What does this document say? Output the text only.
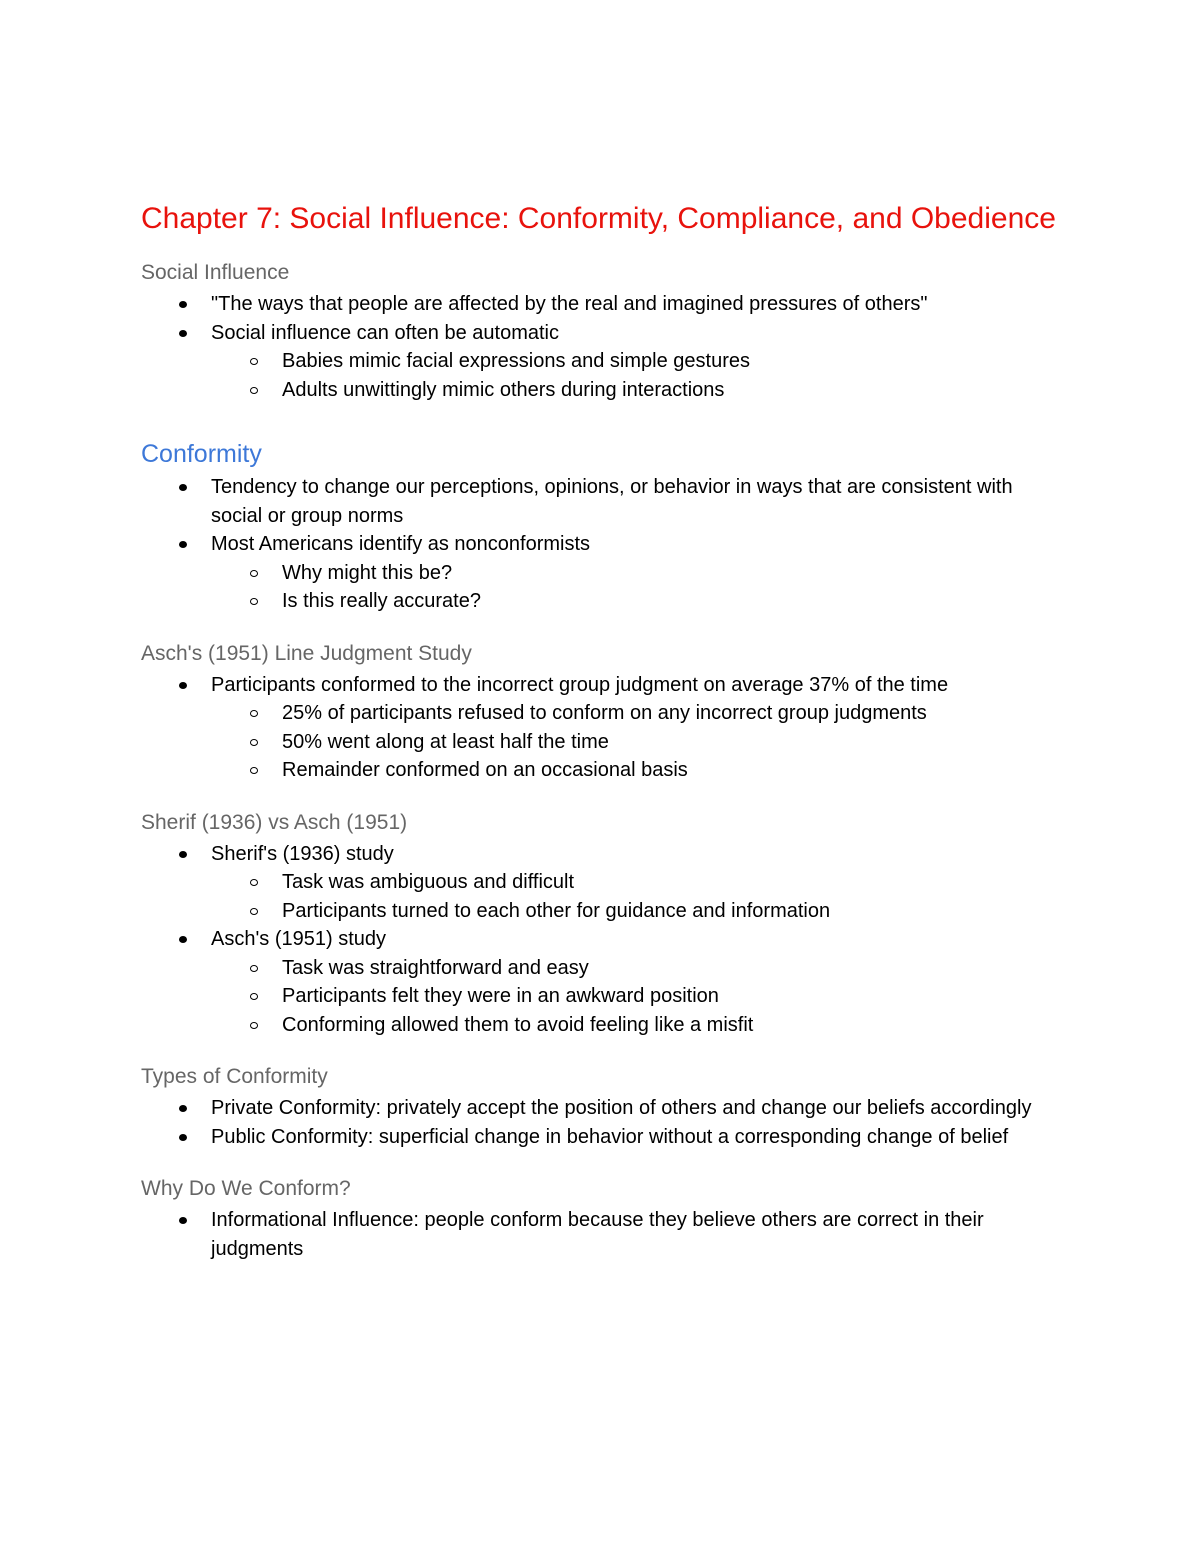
Chapter 7: Social Influence: Conformity, Compliance, and Obedience
Social Influence
"The ways that people are affected by the real and imagined pressures of others"
Social influence can often be automatic
Babies mimic facial expressions and simple gestures
Adults unwittingly mimic others during interactions
Conformity
Tendency to change our perceptions, opinions, or behavior in ways that are consistent with social or group norms
Most Americans identify as nonconformists
Why might this be?
Is this really accurate?
Asch's (1951) Line Judgment Study
Participants conformed to the incorrect group judgment on average 37% of the time
25% of participants refused to conform on any incorrect group judgments
50% went along at least half the time
Remainder conformed on an occasional basis
Sherif (1936) vs Asch (1951)
Sherif's (1936) study
Task was ambiguous and difficult
Participants turned to each other for guidance and information
Asch's (1951) study
Task was straightforward and easy
Participants felt they were in an awkward position
Conforming allowed them to avoid feeling like a misfit
Types of Conformity
Private Conformity: privately accept the position of others and change our beliefs accordingly
Public Conformity: superficial change in behavior without a corresponding change of belief
Why Do We Conform?
Informational Influence: people conform because they believe others are correct in their judgments
